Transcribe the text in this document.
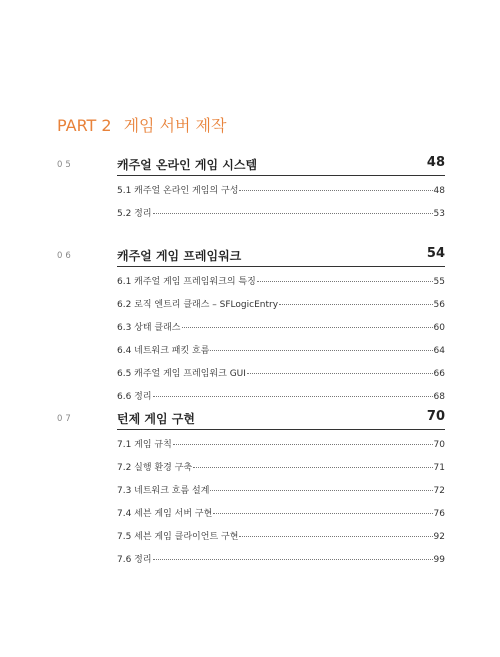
PART 2 게임 서버 제작
05	캐주얼 온라인 게임 시스템	48
5.1 캐주얼 온라인 게임의 구성	48
5.2 정리	53
06	캐주얼 게임 프레임워크	54
6.1 캐주얼 게임 프레임워크의 특징	55
6.2 로직 엔트리 클래스 – SFLogicEntry	56
6.3 상태 클래스	60
6.4 네트워크 패킷 흐름	64
6.5 캐주얼 게임 프레임워크 GUI	66
6.6 정리	68
07	턴제 게임 구현	70
7.1 게임 규칙	70
7.2 실행 환경 구축	71
7.3 네트워크 흐름 설계	72
7.4 세븐 게임 서버 구현	76
7.5 세븐 게임 클라이언트 구현	92
7.6 정리	99
